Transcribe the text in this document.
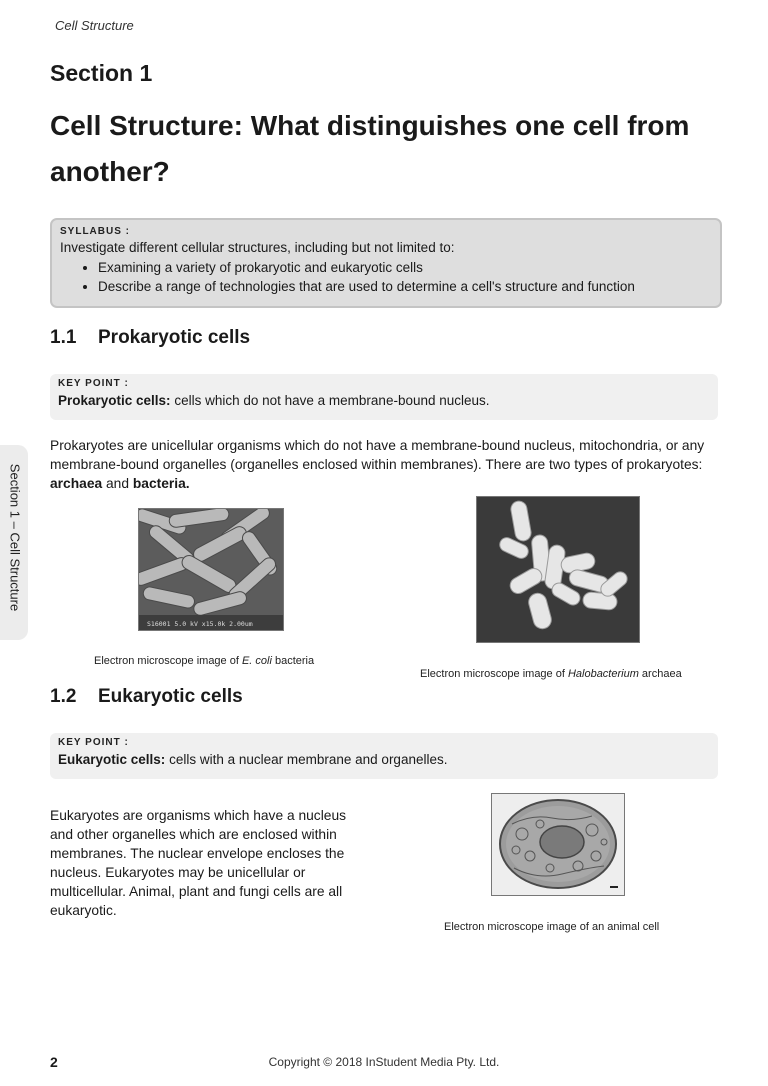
Cell Structure
Section 1
Cell Structure: What distinguishes one cell from another?
SYLLABUS :
Investigate different cellular structures, including but not limited to:
• Examining a variety of prokaryotic and eukaryotic cells
• Describe a range of technologies that are used to determine a cell's structure and function
1.1 Prokaryotic cells
KEY POINT :
Prokaryotic cells: cells which do not have a membrane-bound nucleus.
Prokaryotes are unicellular organisms which do not have a membrane-bound nucleus, mitochondria, or any membrane-bound organelles (organelles enclosed within membranes). There are two types of prokaryotes: archaea and bacteria.
S16001 5.0 kV x15.0k 2.00um
Electron microscope image of E. coli bacteria
Electron microscope image of Halobacterium archaea
1.2 Eukaryotic cells
KEY POINT :
Eukaryotic cells: cells with a nuclear membrane and organelles.
Eukaryotes are organisms which have a nucleus and other organelles which are enclosed within membranes. The nuclear envelope encloses the nucleus. Eukaryotes may be unicellular or multicellular. Animal, plant and fungi cells are all eukaryotic.
Electron microscope image of an animal cell
Section 1 – Cell Structure
2	Copyright © 2018 InStudent Media Pty. Ltd.
